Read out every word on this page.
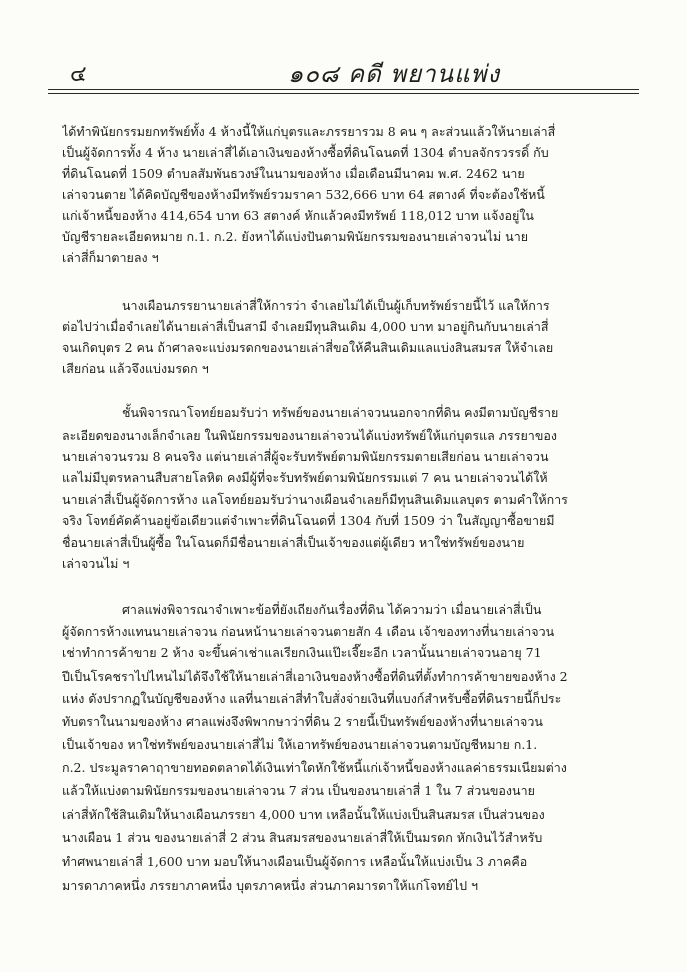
๔	๑๐๘ คดี พยานแพ่ง
ได้ทำพินัยกรรมยกทรัพย์ทั้ง 4 ห้างนี้ให้แก่บุตรและภรรยารวม 8 คน ๆ ละส่วนแล้วให้นายเล่าสี่
เป็นผู้จัดการทั้ง 4 ห้าง นายเล่าสี่ได้เอาเงินของห้างซื้อที่ดินโฉนดที่ 1304 ตำบลจักรวรรดิ์ กับ
ที่ดินโฉนดที่ 1509 ตำบลสัมพันธวงษ์ในนามของห้าง เมื่อเดือนมีนาคม พ.ศ. 2462 นาย
เล่าจวนตาย ได้คิดบัญชีของห้างมีทรัพย์รวมราคา 532,666 บาท 64 สตางค์ ที่จะต้องใช้หนี้
แก่เจ้าหนี้ของห้าง 414,654 บาท 63 สตางค์ หักแล้วคงมีทรัพย์ 118,012 บาท แจ้งอยู่ใน
บัญชีรายละเอียดหมาย ก.1. ก.2. ยังหาได้แบ่งปันตามพินัยกรรมของนายเล่าจวนไม่ นาย
เล่าสี่ก็มาตายลง ฯ
นางเผือนภรรยานายเล่าสี่ให้การว่า จำเลยไม่ได้เป็นผู้เก็บทรัพย์รายนี้ไว้ แลให้การ
ต่อไปว่าเมื่อจำเลยได้นายเล่าสี่เป็นสามี จำเลยมีทุนสินเดิม 4,000 บาท มาอยู่กินกับนายเล่าสี่
จนเกิดบุตร 2 คน ถ้าศาลจะแบ่งมรดกของนายเล่าสี่ขอให้คืนสินเดิมแลแบ่งสินสมรส ให้จำเลย
เสียก่อน แล้วจึงแบ่งมรดก ฯ
ชั้นพิจารณาโจทย์ยอมรับว่า ทรัพย์ของนายเล่าจวนนอกจากที่ดิน คงมีตามบัญชีราย
ละเอียดของนางเล็กจำเลย ในพินัยกรรมของนายเล่าจวนได้แบ่งทรัพย์ให้แก่บุตรแล ภรรยาของ
นายเล่าจวนรวม 8 คนจริง แต่นายเล่าสี่ผู้จะรับทรัพย์ตามพินัยกรรมตายเสียก่อน นายเล่าจวน
แลไม่มีบุตรหลานสืบสายโลหิต คงมีผู้ที่จะรับทรัพย์ตามพินัยกรรมแต่ 7 คน นายเล่าจวนได้ให้
นายเล่าสี่เป็นผู้จัดการห้าง แลโจทย์ยอมรับว่านางเผือนจำเลยก็มีทุนสินเดิมแลบุตร ตามคำให้การ
จริง โจทย์คัดค้านอยู่ข้อเดียวแต่จำเพาะที่ดินโฉนดที่ 1304 กับที่ 1509 ว่า ในสัญญาซื้อขายมี
ชื่อนายเล่าสี่เป็นผู้ซื้อ ในโฉนดก็มีชื่อนายเล่าสี่เป็นเจ้าของแต่ผู้เดียว หาใช่ทรัพย์ของนาย
เล่าจวนไม่ ฯ
ศาลแพ่งพิจารณาจำเพาะข้อที่ยังเถียงกันเรื่องที่ดิน ได้ความว่า เมื่อนายเล่าสี่เป็น
ผู้จัดการห้างแทนนายเล่าจวน ก่อนหน้านายเล่าจวนตายสัก 4 เดือน เจ้าของทางที่นายเล่าจวน
เช่าทำการค้าขาย 2 ห้าง จะขึ้นค่าเช่าแลเรียกเงินแป๊ะเจี๊ยะอีก เวลานั้นนายเล่าจวนอายุ 71
ปีเป็นโรคชราไปไหนไม่ได้จึงใช้ให้นายเล่าสี่เอาเงินของห้างซื้อที่ดินที่ตั้งทำการค้าขายของห้าง 2
แห่ง ดังปรากฏในบัญชีของห้าง แลที่นายเล่าสี่ทำใบสั่งจ่ายเงินที่แบงก์สำหรับซื้อที่ดินรายนี้ก็ประ
ทับตราในนามของห้าง ศาลแพ่งจึงพิพากษาว่าที่ดิน 2 รายนี้เป็นทรัพย์ของห้างที่นายเล่าจวน
เป็นเจ้าของ หาใช่ทรัพย์ของนายเล่าสี่ไม่ ให้เอาทรัพย์ของนายเล่าจวนตามบัญชีหมาย ก.1.
ก.2. ประมูลราคาฤาขายทอดตลาดได้เงินเท่าใดหักใช้หนี้แก่เจ้าหนี้ของห้างแลค่าธรรมเนียมต่าง
แล้วให้แบ่งตามพินัยกรรมของนายเล่าจวน 7 ส่วน เป็นของนายเล่าสี่ 1 ใน 7 ส่วนของนาย
เล่าสี่หักใช้สินเดิมให้นางเผือนภรรยา 4,000 บาท เหลือนั้นให้แบ่งเป็นสินสมรส เป็นส่วนของ
นางเผือน 1 ส่วน ของนายเล่าสี่ 2 ส่วน สินสมรสของนายเล่าสี่ให้เป็นมรดก หักเงินไว้สำหรับ
ทำศพนายเล่าสี่ 1,600 บาท มอบให้นางเผือนเป็นผู้จัดการ เหลือนั้นให้แบ่งเป็น 3 ภาคคือ
มารดาภาคหนึ่ง ภรรยาภาคหนึ่ง บุตรภาคหนึ่ง ส่วนภาคมารดาให้แก่โจทย์ไป ฯ
